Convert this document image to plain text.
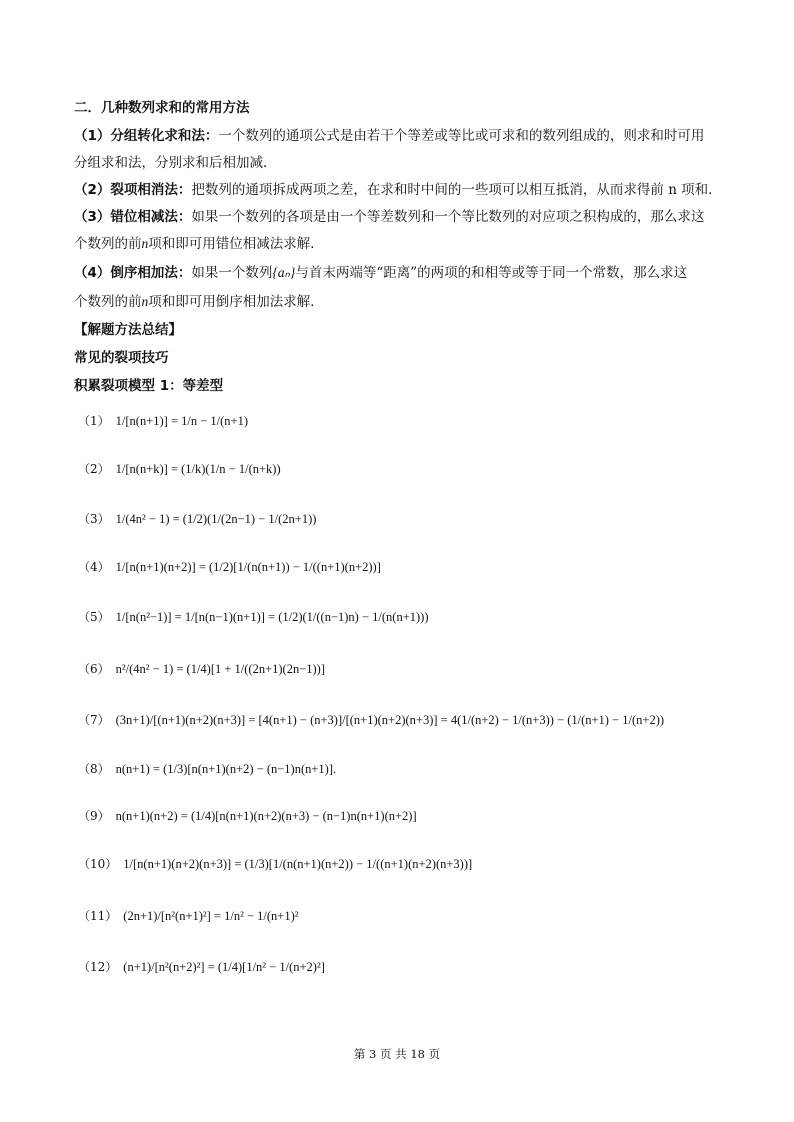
二．几种数列求和的常用方法
（1）分组转化求和法：一个数列的通项公式是由若干个等差或等比或可求和的数列组成的，则求和时可用
分组求和法，分别求和后相加减．
（2）裂项相消法：把数列的通项拆成两项之差，在求和时中间的一些项可以相互抵消，从而求得前 n 项和．
（3）错位相减法：如果一个数列的各项是由一个等差数列和一个等比数列的对应项之积构成的，那么求这
个数列的前n项和即可用错位相减法求解．
（4）倒序相加法：如果一个数列{aₙ}与首末两端等“距离”的两项的和相等或等于同一个常数，那么求这
个数列的前n项和即可用倒序相加法求解．
【解题方法总结】
常见的裂项技巧
积累裂项模型 1：等差型
（1） 1/[n(n+1)] = 1/n − 1/(n+1)
（2） 1/[n(n+k)] = (1/k)(1/n − 1/(n+k))
（3） 1/(4n² − 1) = (1/2)(1/(2n−1) − 1/(2n+1))
（4） 1/[n(n+1)(n+2)] = (1/2)[1/(n(n+1)) − 1/((n+1)(n+2))]
（5） 1/[n(n²−1)] = 1/[n(n−1)(n+1)] = (1/2)(1/((n−1)n) − 1/(n(n+1)))
（6） n²/(4n² − 1) = (1/4)[1 + 1/((2n+1)(2n−1))]
（7） (3n+1)/[(n+1)(n+2)(n+3)] = [4(n+1) − (n+3)]/[(n+1)(n+2)(n+3)] = 4(1/(n+2) − 1/(n+3)) − (1/(n+1) − 1/(n+2))
（8） n(n+1) = (1/3)[n(n+1)(n+2) − (n−1)n(n+1)].
（9） n(n+1)(n+2) = (1/4)[n(n+1)(n+2)(n+3) − (n−1)n(n+1)(n+2)]
（10） 1/[n(n+1)(n+2)(n+3)] = (1/3)[1/(n(n+1)(n+2)) − 1/((n+1)(n+2)(n+3))]
（11） (2n+1)/[n²(n+1)²] = 1/n² − 1/(n+1)²
（12） (n+1)/[n²(n+2)²] = (1/4)[1/n² − 1/(n+2)²]
第 3 页 共 18 页
